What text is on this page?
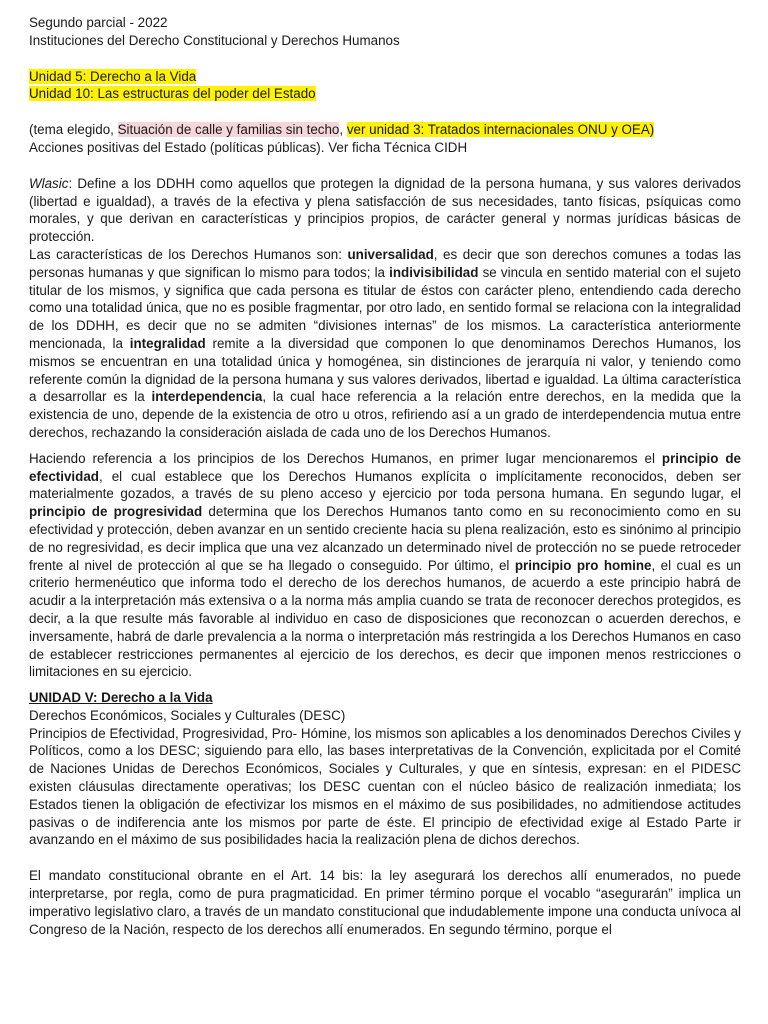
Segundo parcial - 2022
Instituciones del Derecho Constitucional y Derechos Humanos
Unidad 5: Derecho a la Vida
Unidad 10: Las estructuras del poder del Estado
(tema elegido, Situación de calle y familias sin techo, ver unidad 3: Tratados internacionales ONU y OEA)
Acciones positivas del Estado (políticas públicas). Ver ficha Técnica CIDH
Wlasic: Define a los DDHH como aquellos que protegen la dignidad de la persona humana, y sus valores derivados (libertad e igualdad), a través de la efectiva y plena satisfacción de sus necesidades, tanto físicas, psíquicas como morales, y que derivan en características y principios propios, de carácter general y normas jurídicas básicas de protección.
Las características de los Derechos Humanos son: universalidad, es decir que son derechos comunes a todas las personas humanas y que significan lo mismo para todos; la indivisibilidad se vincula en sentido material con el sujeto titular de los mismos, y significa que cada persona es titular de éstos con carácter pleno, entendiendo cada derecho como una totalidad única, que no es posible fragmentar, por otro lado, en sentido formal se relaciona con la integralidad de los DDHH, es decir que no se admiten “divisiones internas” de los mismos. La característica anteriormente mencionada, la integralidad remite a la diversidad que componen lo que denominamos Derechos Humanos, los mismos se encuentran en una totalidad única y homogénea, sin distinciones de jerarquía ni valor, y teniendo como referente común la dignidad de la persona humana y sus valores derivados, libertad e igualdad. La última característica a desarrollar es la interdependencia, la cual hace referencia a la relación entre derechos, en la medida que la existencia de uno, depende de la existencia de otro u otros, refiriendo así a un grado de interdependencia mutua entre derechos, rechazando la consideración aislada de cada uno de los Derechos Humanos.
Haciendo referencia a los principios de los Derechos Humanos, en primer lugar mencionaremos el principio de efectividad, el cual establece que los Derechos Humanos explícita o implícitamente reconocidos, deben ser materialmente gozados, a través de su pleno acceso y ejercicio por toda persona humana. En segundo lugar, el principio de progresividad determina que los Derechos Humanos tanto como en su reconocimiento como en su efectividad y protección, deben avanzar en un sentido creciente hacia su plena realización, esto es sinónimo al principio de no regresividad, es decir implica que una vez alcanzado un determinado nivel de protección no se puede retroceder frente al nivel de protección al que se ha llegado o conseguido. Por último, el principio pro homine, el cual es un criterio hermenéutico que informa todo el derecho de los derechos humanos, de acuerdo a este principio habrá de acudir a la interpretación más extensiva o a la norma más amplia cuando se trata de reconocer derechos protegidos, es decir, a la que resulte más favorable al individuo en caso de disposiciones que reconozcan o acuerden derechos, e inversamente, habrá de darle prevalencia a la norma o interpretación más restringida a los Derechos Humanos en caso de establecer restricciones permanentes al ejercicio de los derechos, es decir que imponen menos restricciones o limitaciones en su ejercicio.
UNIDAD V: Derecho a la Vida
Derechos Económicos, Sociales y Culturales (DESC)
Principios de Efectividad, Progresividad, Pro- Hómine, los mismos son aplicables a los denominados Derechos Civiles y Políticos, como a los DESC; siguiendo para ello, las bases interpretativas de la Convención, explicitada por el Comité de Naciones Unidas de Derechos Económicos, Sociales y Culturales, y que en síntesis, expresan: en el PIDESC existen cláusulas directamente operativas; los DESC cuentan con el núcleo básico de realización inmediata; los Estados tienen la obligación de efectivizar los mismos en el máximo de sus posibilidades, no admitiendose actitudes pasivas o de indiferencia ante los mismos por parte de éste. El principio de efectividad exige al Estado Parte ir avanzando en el máximo de sus posibilidades hacia la realización plena de dichos derechos.
El mandato constitucional obrante en el Art. 14 bis: la ley asegurará los derechos allí enumerados, no puede interpretarse, por regla, como de pura pragmaticidad. En primer término porque el vocablo “asegurarán” implica un imperativo legislativo claro, a través de un mandato constitucional que indudablemente impone una conducta unívoca al Congreso de la Nación, respecto de los derechos allí enumerados. En segundo término, porque el
